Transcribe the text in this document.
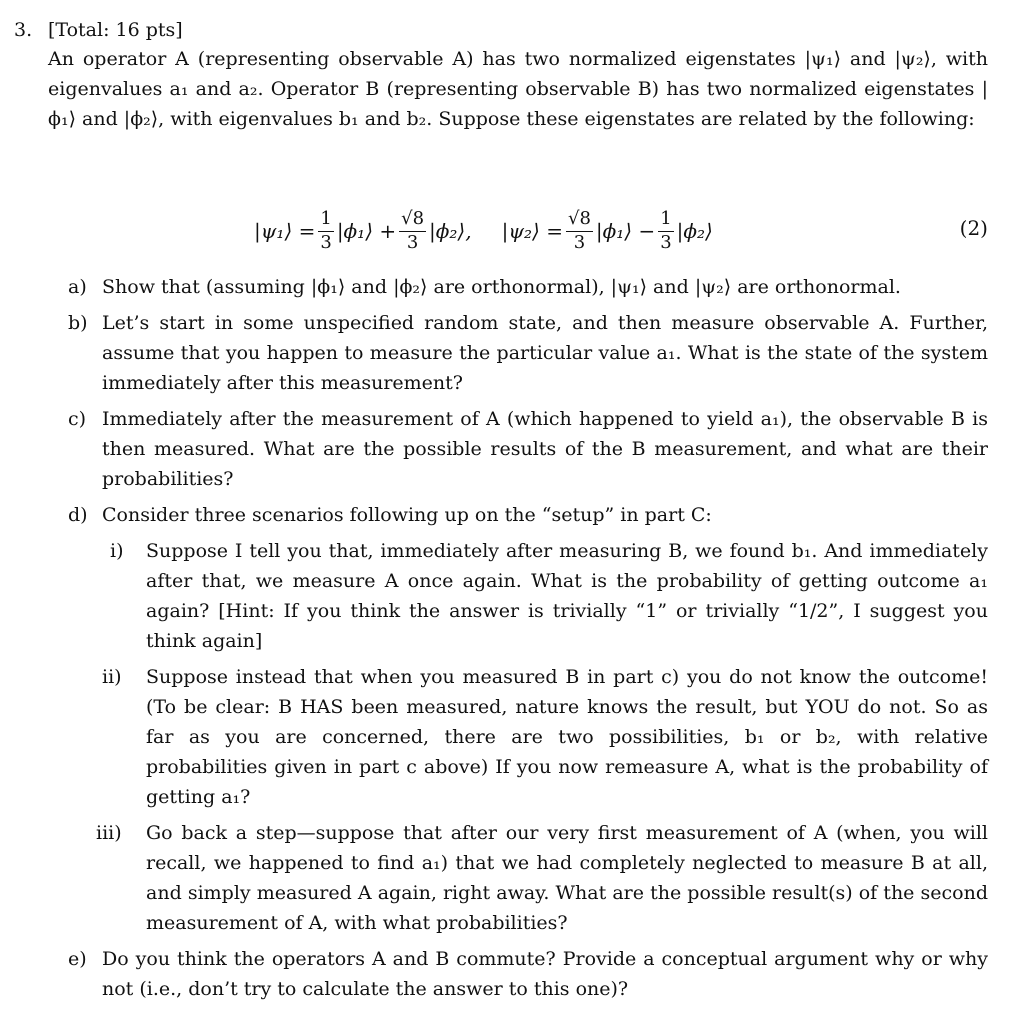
3. [Total: 16 pts]
An operator A (representing observable A) has two normalized eigenstates |ψ₁⟩ and |ψ₂⟩, with eigenvalues a₁ and a₂. Operator B (representing observable B) has two normalized eigenstates |ϕ₁⟩ and |ϕ₂⟩, with eigenvalues b₁ and b₂. Suppose these eigenstates are related by the following:
|ψ₁⟩ = $\frac{1}{3}$ |ϕ₁⟩ + $\frac{√8}{3}$ |ϕ₂⟩, |ψ₂⟩ = $\frac{√8}{3}$ |ϕ₁⟩ − $\frac{1}{3}$ |ϕ₂⟩	(2)
a) Show that (assuming |ϕ₁⟩ and |ϕ₂⟩ are orthonormal), |ψ₁⟩ and |ψ₂⟩ are orthonormal.
b) Let’s start in some unspecified random state, and then measure observable A. Further, assume that you happen to measure the particular value a₁. What is the state of the system immediately after this measurement?
c) Immediately after the measurement of A (which happened to yield a₁), the observable B is then measured. What are the possible results of the B measurement, and what are their probabilities?
d) Consider three scenarios following up on the “setup” in part C:
i) Suppose I tell you that, immediately after measuring B, we found b₁. And immediately after that, we measure A once again. What is the probability of getting outcome a₁ again? [Hint: If you think the answer is trivially “1” or trivially “1/2”, I suggest you think again]
ii) Suppose instead that when you measured B in part c) you do not know the outcome! (To be clear: B HAS been measured, nature knows the result, but YOU do not. So as far as you are concerned, there are two possibilities, b₁ or b₂, with relative probabilities given in part c above) If you now remeasure A, what is the probability of getting a₁?
iii) Go back a step—suppose that after our very first measurement of A (when, you will recall, we happened to find a₁) that we had completely neglected to measure B at all, and simply measured A again, right away. What are the possible result(s) of the second measurement of A, with what probabilities?
e) Do you think the operators A and B commute? Provide a conceptual argument why or why not (i.e., don’t try to calculate the answer to this one)?
